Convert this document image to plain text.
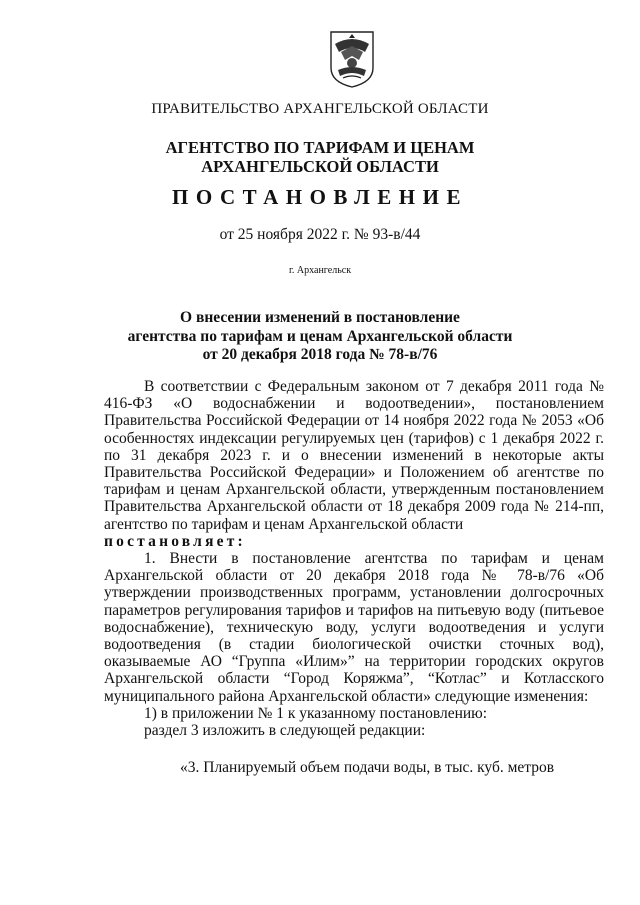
ПРАВИТЕЛЬСТВО АРХАНГЕЛЬСКОЙ ОБЛАСТИ
АГЕНТСТВО ПО ТАРИФАМ И ЦЕНАМ
АРХАНГЕЛЬСКОЙ ОБЛАСТИ
ПОСТАНОВЛЕНИЕ
от 25 ноября 2022 г. № 93-в/44
г. Архангельск
О внесении изменений в постановление
агентства по тарифам и ценам Архангельской области
от 20 декабря 2018 года № 78-в/76

В соответствии с Федеральным законом от 7 декабря 2011 года № 416-ФЗ «О водоснабжении и водоотведении», постановлением Правительства Российской Федерации от 14 ноября 2022 года № 2053 «Об особенностях индексации регулируемых цен (тарифов) с 1 декабря 2022 г. по 31 декабря 2023 г. и о внесении изменений в некоторые акты Правительства Российской Федерации» и Положением об агентстве по тарифам и ценам Архангельской области, утвержденным постановлением Правительства Архангельской области от 18 декабря 2009 года № 214-пп, агентство по тарифам и ценам Архангельской области

постановляет:

1. Внести в постановление агентства по тарифам и ценам Архангельской области от 20 декабря 2018 года № 78-в/76 «Об утверждении производственных программ, установлении долгосрочных параметров регулирования тарифов и тарифов на питьевую воду (питьевое водоснабжение), техническую воду, услуги водоотведения и услуги водоотведения (в стадии биологической очистки сточных вод), оказываемые АО “Группа «Илим»” на территории городских округов Архангельской области “Город Коряжма”, “Котлас” и Котласского муниципального района Архангельской области» следующие изменения:

1) в приложении № 1 к указанному постановлению:

раздел 3 изложить в следующей редакции:

«3. Планируемый объем подачи воды, в тыс. куб. метров
